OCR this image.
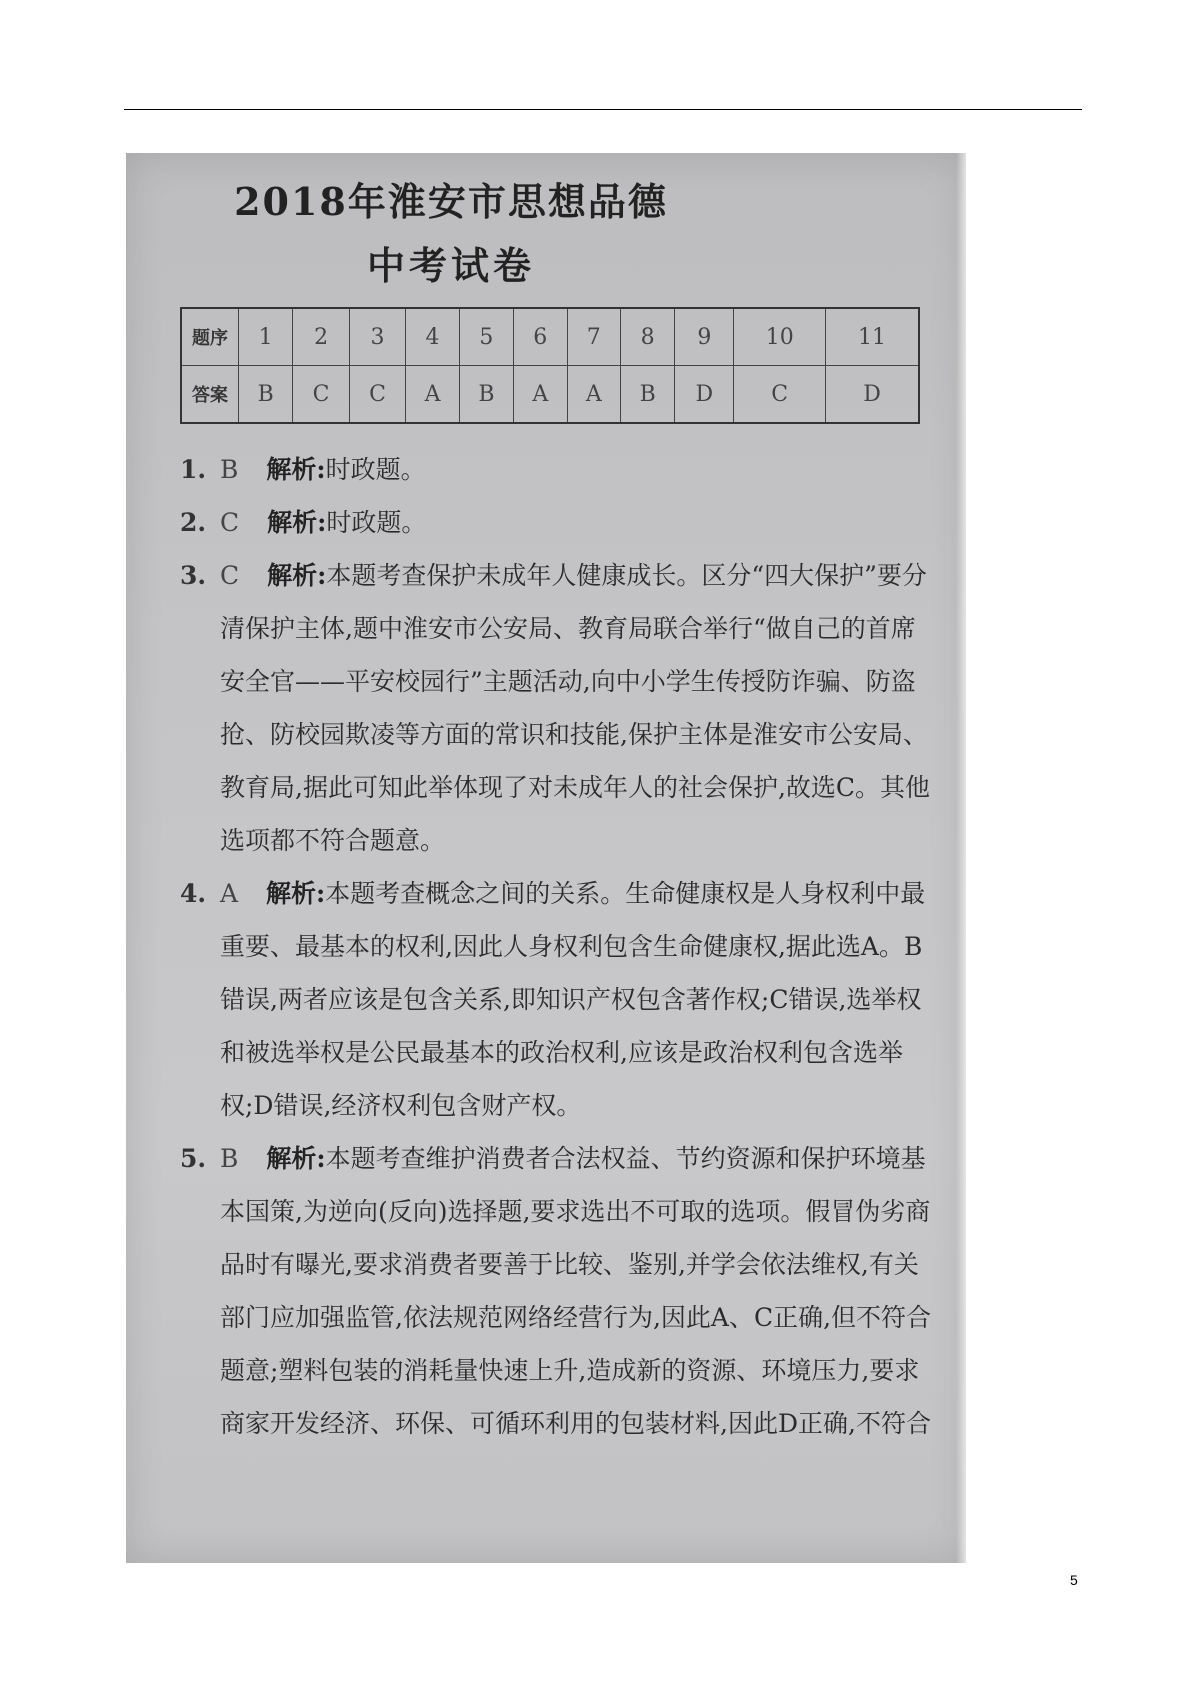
2018年淮安市思想品德
中考试卷
题序	1	2	3	4	5	6	7	8	9	10	11
答案	B	C	C	A	B	A	A	B	D	C	D

1. B 解析:时政题。

2. C 解析:时政题。

3. C 解析:本题考查保护未成年人健康成长。区分“四大保护”要分清保护主体,题中淮安市公安局、教育局联合举行“做自己的首席安全官——平安校园行”主题活动,向中小学生传授防诈骗、防盗抢、防校园欺凌等方面的常识和技能,保护主体是淮安市公安局、教育局,据此可知此举体现了对未成年人的社会保护,故选C。其他选项都不符合题意。

4. A 解析:本题考查概念之间的关系。生命健康权是人身权利中最重要、最基本的权利,因此人身权利包含生命健康权,据此选A。B错误,两者应该是包含关系,即知识产权包含著作权;C错误,选举权和被选举权是公民最基本的政治权利,应该是政治权利包含选举权;D错误,经济权利包含财产权。

5. B 解析:本题考查维护消费者合法权益、节约资源和保护环境基本国策,为逆向(反向)选择题,要求选出不可取的选项。假冒伪劣商品时有曝光,要求消费者要善于比较、鉴别,并学会依法维权,有关部门应加强监管,依法规范网络经营行为,因此A、C正确,但不符合题意;塑料包装的消耗量快速上升,造成新的资源、环境压力,要求商家开发经济、环保、可循环利用的包装材料,因此D正确,不符合

5
